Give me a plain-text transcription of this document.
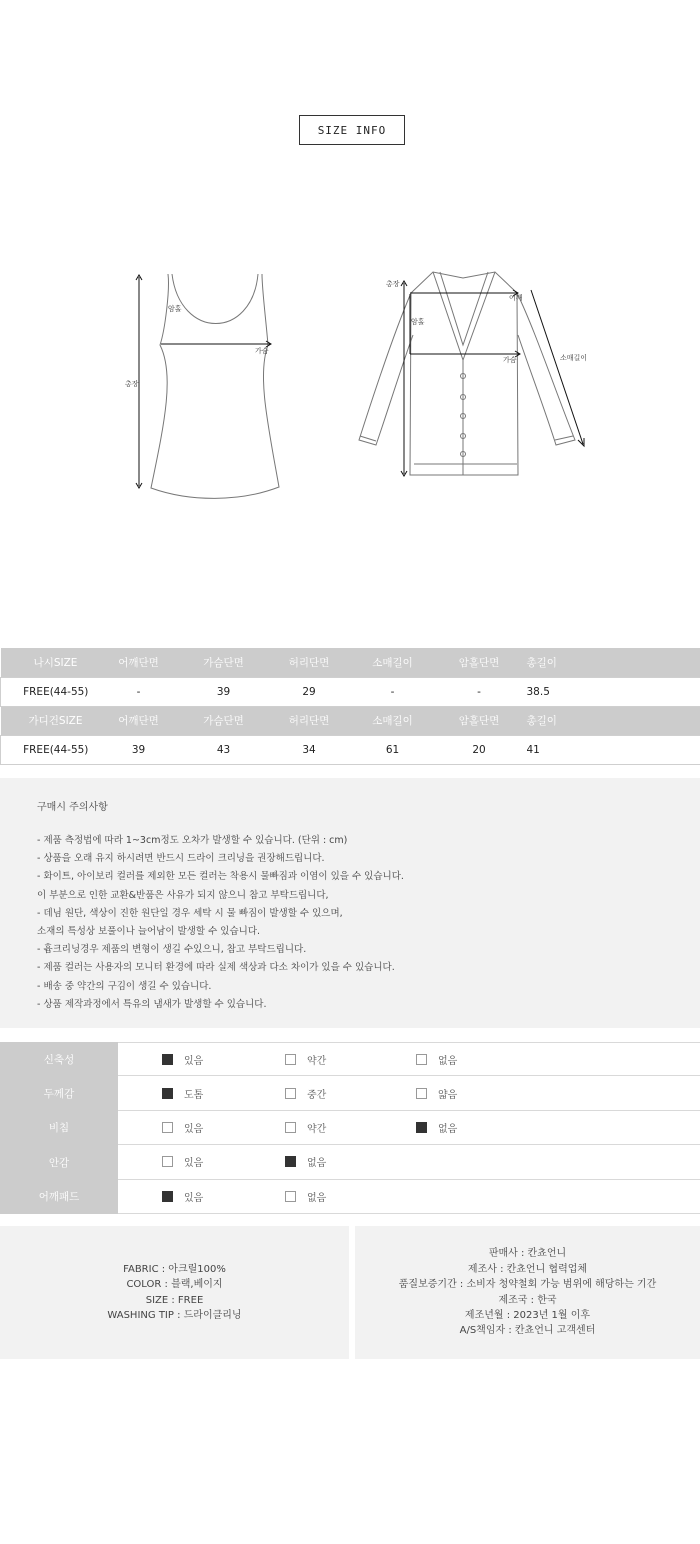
SIZE INFO
암홀
가슴
총장
총장
어깨
암홀
가슴	소매길이
나시SIZE	어깨단면	가슴단면	허리단면	소매길이	암홀단면	총길이
FREE(44-55)	-	39	29	-	-	38.5
가디건SIZE	어깨단면	가슴단면	허리단면	소매길이	암홀단면	총길이
FREE(44-55)	39	43	34	61	20	41
구매시 주의사항
- 제품 측정법에 따라 1~3cm정도 오차가 발생할 수 있습니다. (단위 : cm)
- 상품을 오래 유지 하시려면 반드시 드라이 크리닝을 권장해드립니다.
- 화이트, 아이보리 컬러를 제외한 모든 컬러는 착용시 물빠짐과 이염이 있을 수 있습니다.
이 부분으로 인한 교환&반품은 사유가 되지 않으니 참고 부탁드립니다,
- 데님 원단, 색상이 진한 원단일 경우 세탁 시 물 빠짐이 발생할 수 있으며,
소재의 특성상 보풀이나 늘어남이 발생할 수 있습니다.
- 흄크리닝경우 제품의 변형이 생길 수있으니, 참고 부탁드립니다.
- 제품 컬러는 사용자의 모니터 환경에 따라 실제 색상과 다소 차이가 있을 수 있습니다.
- 배송 중 약간의 구김이 생길 수 있습니다.
- 상품 제작과정에서 특유의 냄새가 발생할 수 있습니다.
신축성	있음	약간	없음
두께감	도톰	중간	얇음
비침	있음	약간	없음
안감	있음	없음
어깨패드	있음	없음
FABRIC : 아크릴100%
COLOR : 블랙,베이지
SIZE : FREE
WASHING TIP : 드라이클리닝
판매사 : 칸쵸언니
제조사 : 칸쵸언니 협력업체
품질보증기간 : 소비자 청약철회 가능 범위에 해당하는 기간
제조국 : 한국
제조년월 : 2023년 1월 이후
A/S책임자 : 칸쵸언니 고객센터
